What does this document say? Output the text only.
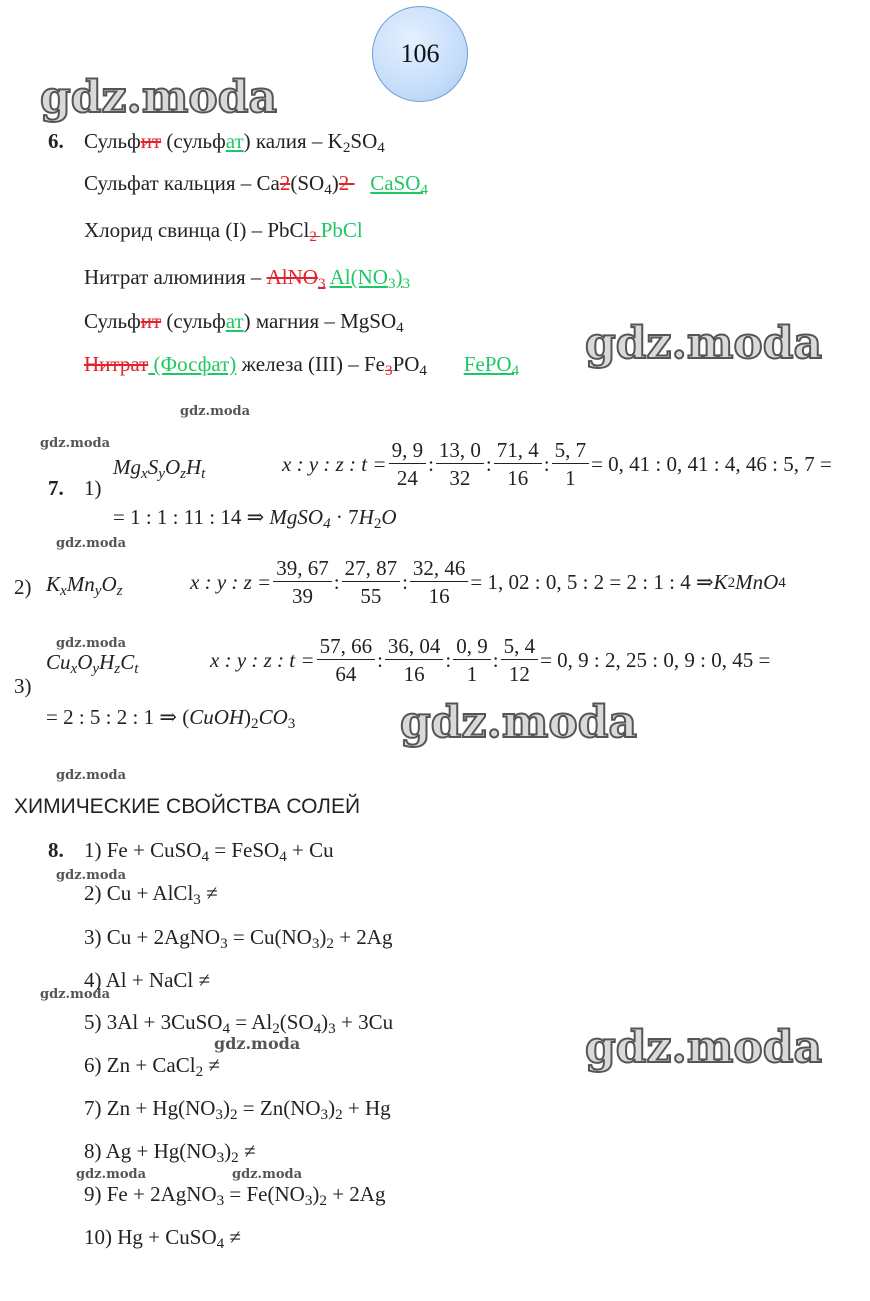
106
gdz.moda
gdz.moda
gdz.moda
gdz.moda
gdz.moda
gdz.moda
gdz.moda
gdz.moda
gdz.moda
gdz.moda
gdz.moda
gdz.moda
gdz.moda	gdz.moda
6. Сульфит (сульфат) калия – $K_2SO_4$
Сульфат кальция – $Ca2(SO_4)2$    CaSO$_4$
Хлорид свинца (I) – PbCl$_2$ PbCl
Нитрат алюминия – AlNO$_3$ $Al(NO_3)_3$
Сульфит (сульфат) магния – MgSO$_4$
Нитрат (Фосфат) железа $(III) - Fe_3PO_4$ FePO$_4$
7. 1)
$Mg_xS_yO_zH_t$	x : y : z : $t = \frac{9, 9}{24}$ : $\frac{13, 0}{32}$ : $\frac{71, 4}{16}$ : $\frac{5, 7}{1} = 0$, 41 : 0, 41 : 4, 46 : 5, 7 =
= 1 : 1 : 11 : 14 ⇒ MgSO$_4$ · $7H_2O$
2) $K_xMn_yO_z$	x : y : $z = \frac{39, 67}{39}$ : $\frac{27, 87}{55}$ : $\frac{32, 46}{16} = 1$, 02 : 0, 5 : 2 = 2 : 1 : 4 ⇒ K 2 MnO 4
3)
$Cu_xO_yH_zC_t$	x : y : z : $t = \frac{57, 66}{64}$ : $\frac{36, 04}{16}$ : $\frac{0, 9}{1}$ : $\frac{5, 4}{12} = 0$, 9 : 2, 25 : 0, 9 : 0, 45 =
= 2 : 5 : 2 : 1 ⇒ $(CuOH)_2CO_3$
ХИМИЧЕСКИЕ СВОЙСТВА СОЛЕЙ
8. 1) Fe + CuSO$_4$ = FeSO$_4$ + Cu
2) Cu + AlCl$_3$ ≠
3) Cu + 2AgNO$_3$ = $Cu(NO_3)_2 + 2Ag$
4) Al + NaCl ≠
5) 3Al + 3CuSO$_4$ = $Al_2(SO_4)_3 + 3Cu$
6) Zn + CaCl$_2$ ≠
7) $Zn + Hg(NO_3)_2 = Zn(NO_3)_2 + Hg$
8) $Ag + Hg(NO_3)_2$ ≠
9) Fe + 2AgNO$_3$ = $Fe(NO_3)_2 + 2Ag$
10) Hg + CuSO$_4$ ≠
